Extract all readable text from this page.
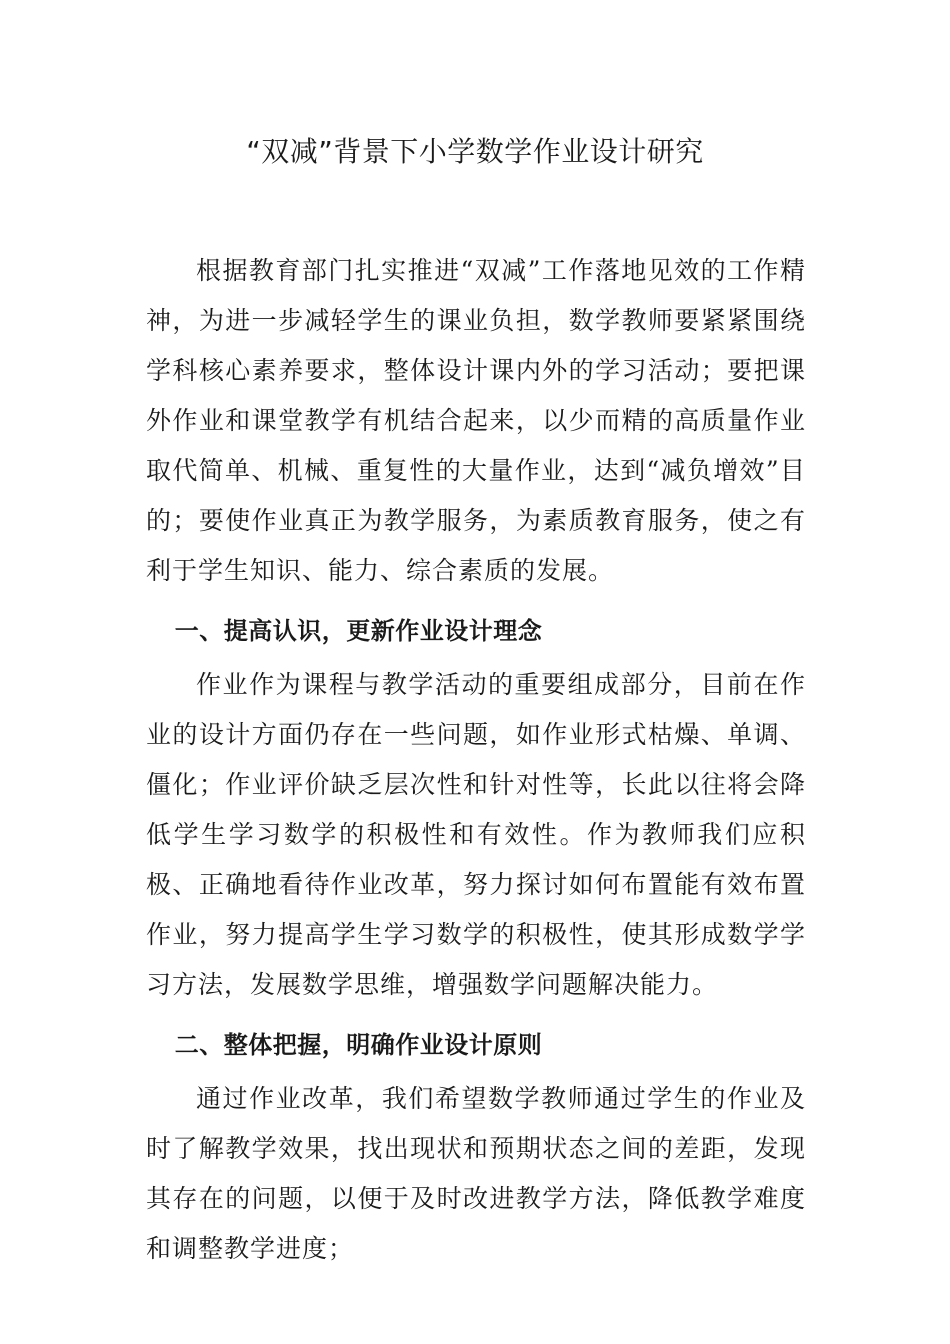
“双减”背景下小学数学作业设计研究

根据教育部门扎实推进“双减”工作落地见效的工作精神，为进一步减轻学生的课业负担，数学教师要紧紧围绕学科核心素养要求，整体设计课内外的学习活动；要把课外作业和课堂教学有机结合起来，以少而精的高质量作业取代简单、机械、重复性的大量作业，达到“减负增效”目的；要使作业真正为教学服务，为素质教育服务，使之有利于学生知识、能力、综合素质的发展。

一、提高认识，更新作业设计理念

作业作为课程与教学活动的重要组成部分，目前在作业的设计方面仍存在一些问题，如作业形式枯燥、单调、僵化；作业评价缺乏层次性和针对性等，长此以往将会降低学生学习数学的积极性和有效性。作为教师我们应积极、正确地看待作业改革，努力探讨如何布置能有效布置作业，努力提高学生学习数学的积极性，使其形成数学学习方法，发展数学思维，增强数学问题解决能力。

二、整体把握，明确作业设计原则

通过作业改革，我们希望数学教师通过学生的作业及时了解教学效果，找出现状和预期状态之间的差距，发现其存在的问题，以便于及时改进教学方法，降低教学难度和调整教学进度；
